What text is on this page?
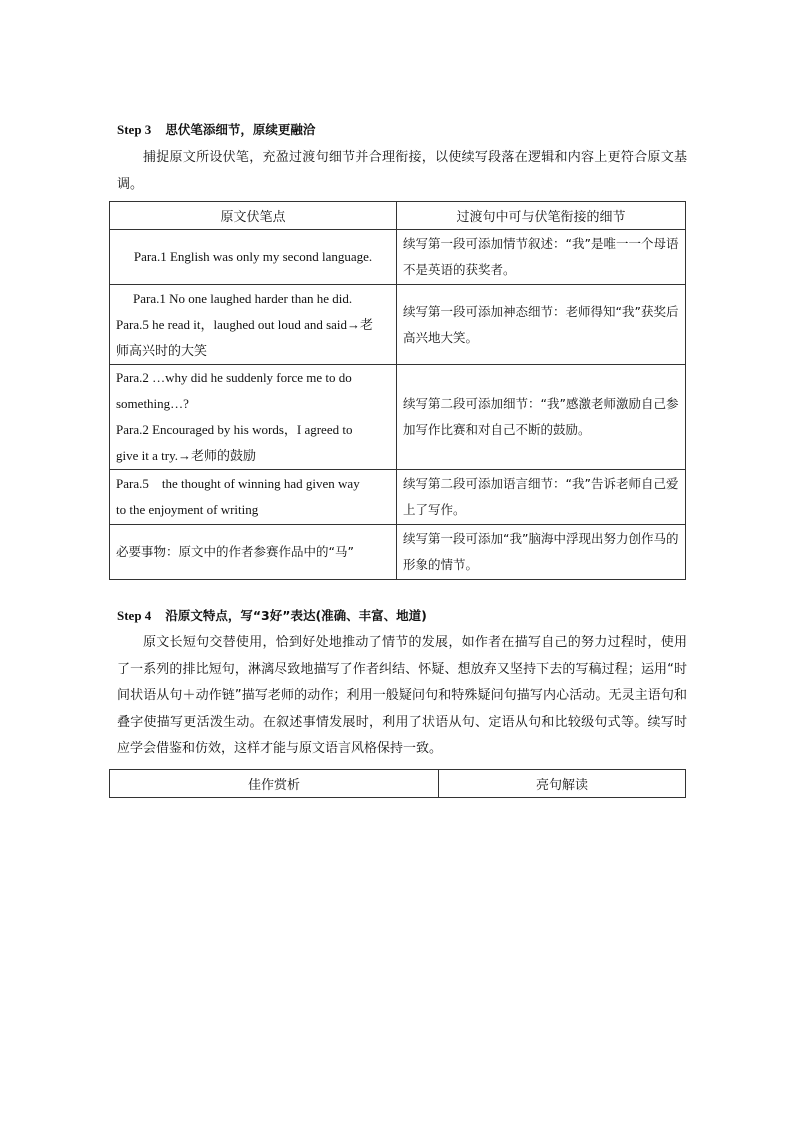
Step 3 思伏笔添细节，原续更融洽

捕捉原文所设伏笔，充盈过渡句细节并合理衔接，以使续写段落在逻辑和内容上更符合原文基调。

原文伏笔点	过渡句中可与伏笔衔接的细节

Para.1 English was only my second language.	续写第一段可添加情节叙述：“我”是唯一一个母语不是英语的获奖者。

Para.1 No one laughed harder than he did.
Para.5 he read it，laughed out loud and said→老
师高兴时的大笑	续写第一段可添加神态细节：老师得知“我”获奖后高兴地大笑。

Para.2 …why did he suddenly force me to do
something…?
Para.2 Encouraged by his words，I agreed to
give it a try.→老师的鼓励	续写第二段可添加细节：“我”感激老师激励自己参加写作比赛和对自己不断的鼓励。

Para.5　the thought of winning had given way
to the enjoyment of writing	续写第二段可添加语言细节：“我”告诉老师自己爱上了写作。

必要事物：原文中的作者参赛作品中的“马”	续写第一段可添加“我”脑海中浮现出努力创作马的形象的情节。
Step 4 沿原文特点，写“3好”表达(准确、丰富、地道)

原文长短句交替使用，恰到好处地推动了情节的发展，如作者在描写自己的努力过程时，使用了一系列的排比短句，淋漓尽致地描写了作者纠结、怀疑、想放弃又坚持下去的写稿过程；运用“时间状语从句＋动作链”描写老师的动作；利用一般疑问句和特殊疑问句描写内心活动。无灵主语句和叠字使描写更活泼生动。在叙述事情发展时，利用了状语从句、定语从句和比较级句式等。续写时应学会借鉴和仿效，这样才能与原文语言风格保持一致。

佳作赏析	亮句解读
